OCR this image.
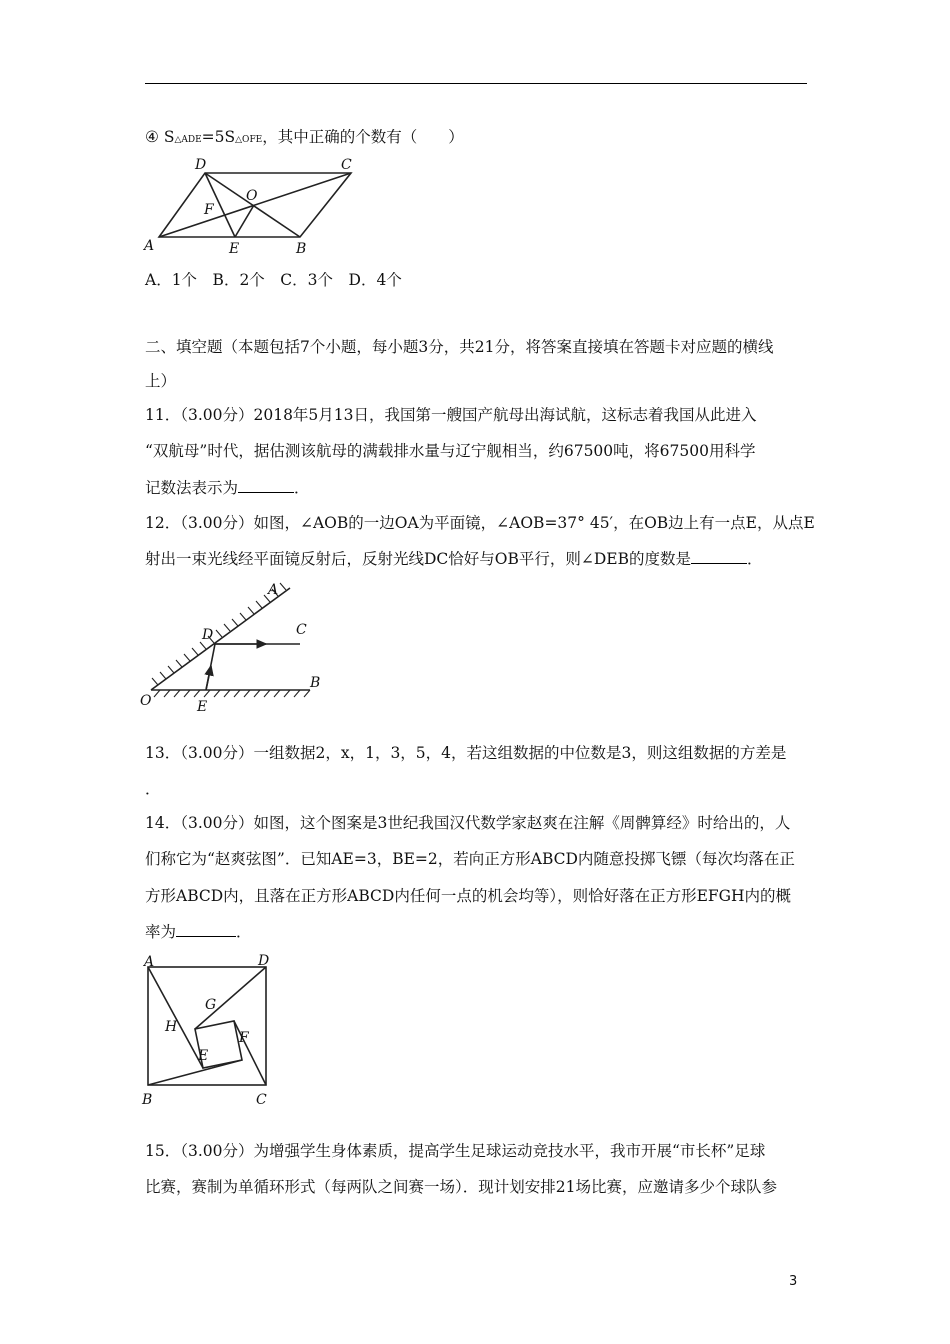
④ S△ADE=5S△OFE，其中正确的个数有（　　）
D	C
O
F
A	E	B
A．1个　B．2个　C．3个　D．4个
二、填空题（本题包括7个小题，每小题3分，共21分，将答案直接填在答题卡对应题的横线
上）
11．（3.00分）2018年5月13日，我国第一艘国产航母出海试航，这标志着我国从此进入
“双航母”时代，据估测该航母的满载排水量与辽宁舰相当，约67500吨，将67500用科学
记数法表示为	．
12．（3.00分）如图，∠AOB的一边OA为平面镜，∠AOB=37° 45′，在OB边上有一点E，从点E
射出一束光线经平面镜反射后，反射光线DC恰好与OB平行，则∠DEB的度数是	．
A
C
D
B
O	E
13．（3.00分）一组数据2，x，1，3，5，4，若这组数据的中位数是3，则这组数据的方差是
．
14．（3.00分）如图，这个图案是3世纪我国汉代数学家赵爽在注解《周髀算经》时给出的，人
们称它为“赵爽弦图”．已知AE=3，BE=2，若向正方形ABCD内随意投掷飞镖（每次均落在正
方形ABCD内，且落在正方形ABCD内任何一点的机会均等），则恰好落在正方形EFGH内的概
率为	．
A	D
G
H
F
E
B	C
15．（3.00分）为增强学生身体素质，提高学生足球运动竞技水平，我市开展“市长杯”足球
比赛，赛制为单循环形式（每两队之间赛一场）．现计划安排21场比赛，应邀请多少个球队参
3
